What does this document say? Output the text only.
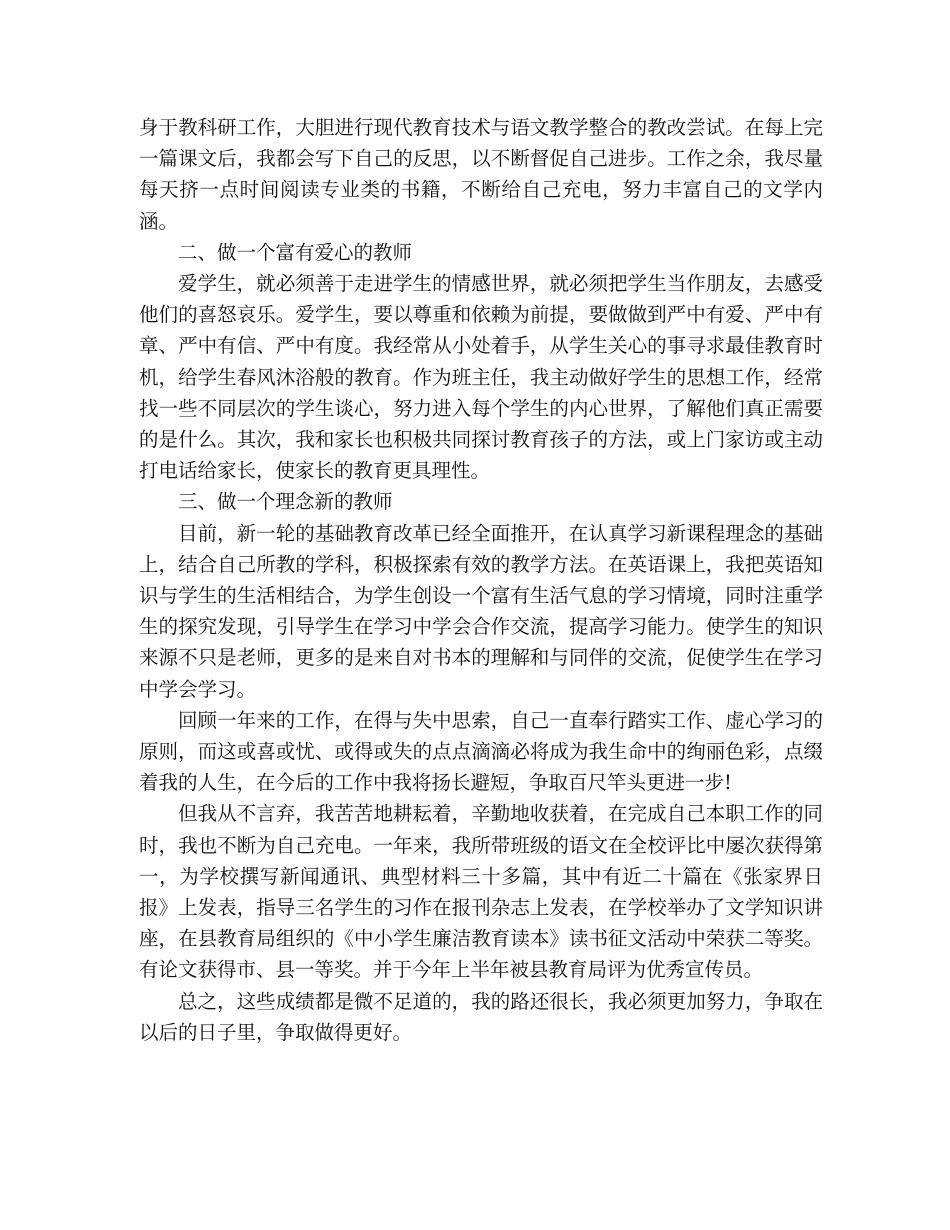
身于教科研工作，大胆进行现代教育技术与语文教学整合的教改尝试。在每上完一篇课文后，我都会写下自己的反思，以不断督促自己进步。工作之余，我尽量每天挤一点时间阅读专业类的书籍，不断给自己充电，努力丰富自己的文学内涵。

二、做一个富有爱心的教师

爱学生，就必须善于走进学生的情感世界，就必须把学生当作朋友，去感受他们的喜怒哀乐。爱学生，要以尊重和依赖为前提，要做做到严中有爱、严中有章、严中有信、严中有度。我经常从小处着手，从学生关心的事寻求最佳教育时机，给学生春风沐浴般的教育。作为班主任，我主动做好学生的思想工作，经常找一些不同层次的学生谈心，努力进入每个学生的内心世界，了解他们真正需要的是什么。其次，我和家长也积极共同探讨教育孩子的方法，或上门家访或主动打电话给家长，使家长的教育更具理性。

三、做一个理念新的教师

目前，新一轮的基础教育改革已经全面推开，在认真学习新课程理念的基础上，结合自己所教的学科，积极探索有效的教学方法。在英语课上，我把英语知识与学生的生活相结合，为学生创设一个富有生活气息的学习情境，同时注重学生的探究发现，引导学生在学习中学会合作交流，提高学习能力。使学生的知识来源不只是老师，更多的是来自对书本的理解和与同伴的交流，促使学生在学习中学会学习。

回顾一年来的工作，在得与失中思索，自己一直奉行踏实工作、虚心学习的原则，而这或喜或忧、或得或失的点点滴滴必将成为我生命中的绚丽色彩，点缀着我的人生，在今后的工作中我将扬长避短，争取百尺竿头更进一步!

但我从不言弃，我苦苦地耕耘着，辛勤地收获着，在完成自己本职工作的同时，我也不断为自己充电。一年来，我所带班级的语文在全校评比中屡次获得第一，为学校撰写新闻通讯、典型材料三十多篇，其中有近二十篇在《张家界日报》上发表，指导三名学生的习作在报刊杂志上发表，在学校举办了文学知识讲座，在县教育局组织的《中小学生廉洁教育读本》读书征文活动中荣获二等奖。有论文获得市、县一等奖。并于今年上半年被县教育局评为优秀宣传员。

总之，这些成绩都是微不足道的，我的路还很长，我必须更加努力，争取在以后的日子里，争取做得更好。
